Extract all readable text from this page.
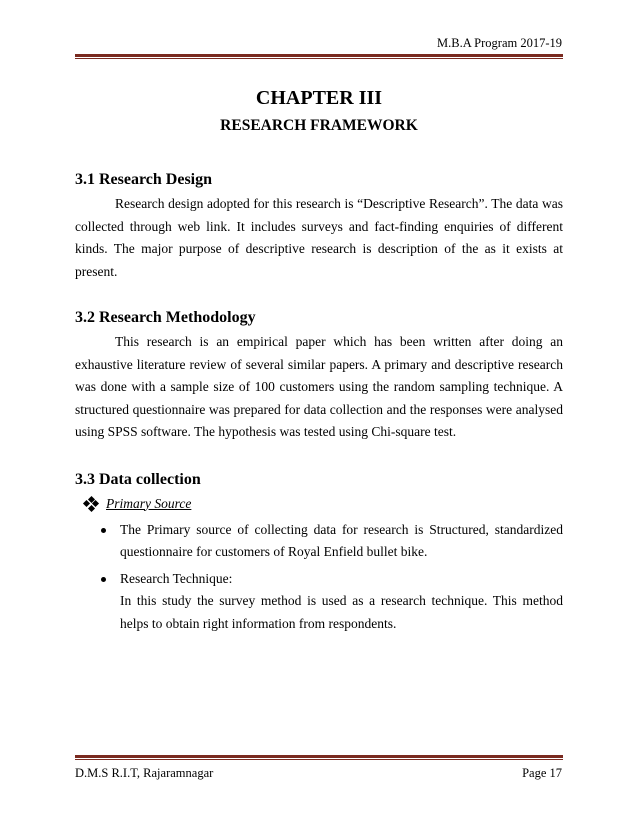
M.B.A Program 2017-19
CHAPTER III
RESEARCH FRAMEWORK
3.1 Research Design

Research design adopted for this research is “Descriptive Research”. The data was collected through web link. It includes surveys and fact-finding enquiries of different kinds. The major purpose of descriptive research is description of the as it exists at present.

3.2 Research Methodology

This research is an empirical paper which has been written after doing an exhaustive literature review of several similar papers. A primary and descriptive research was done with a sample size of 100 customers using the random sampling technique. A structured questionnaire was prepared for data collection and the responses were analysed using SPSS software. The hypothesis was tested using Chi-square test.

3.3 Data collection
Primary Source
The Primary source of collecting data for research is Structured, standardized questionnaire for customers of Royal Enfield bullet bike.
Research Technique:
In this study the survey method is used as a research technique. This method helps to obtain right information from respondents.
D.M.S R.I.T, Rajaramnagar	Page 17
